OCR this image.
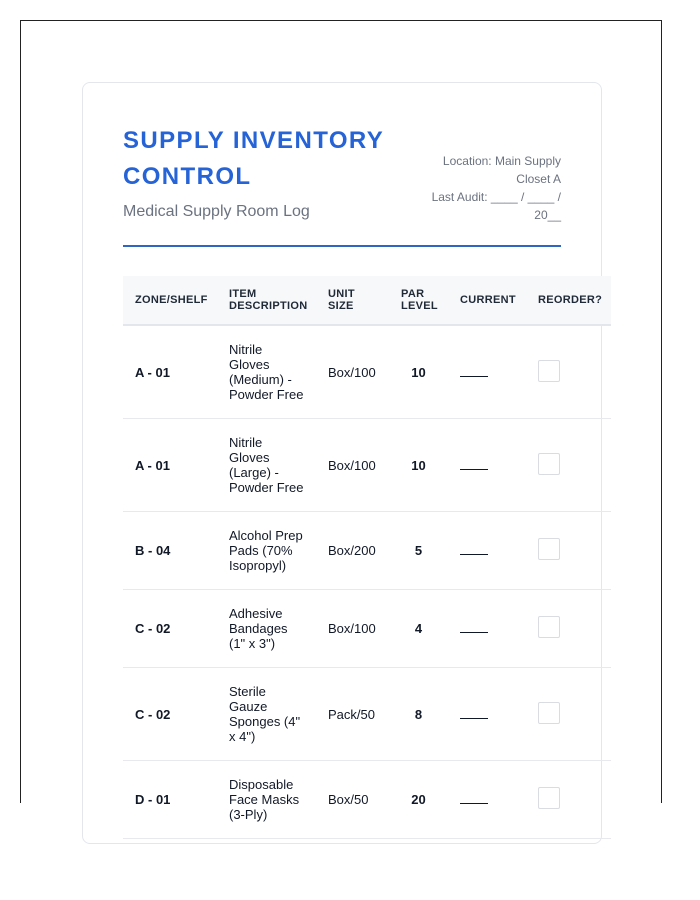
SUPPLY INVENTORY CONTROL
Medical Supply Room Log
Location: Main Supply Closet A
Last Audit: ____ / ____ / 20__
ZONE/SHELF	ITEM DESCRIPTION	UNIT SIZE	PAR LEVEL	CURRENT	REORDER?
A - 01	Nitrile Gloves (Medium) - Powder Free	Box/100	10		
A - 01	Nitrile Gloves (Large) - Powder Free	Box/100	10		
B - 04	Alcohol Prep Pads (70% Isopropyl)	Box/200	5		
C - 02	Adhesive Bandages (1" x 3")	Box/100	4		
C - 02	Sterile Gauze Sponges (4" x 4")	Pack/50	8		
D - 01	Disposable Face Masks (3-Ply)	Box/50	20		
